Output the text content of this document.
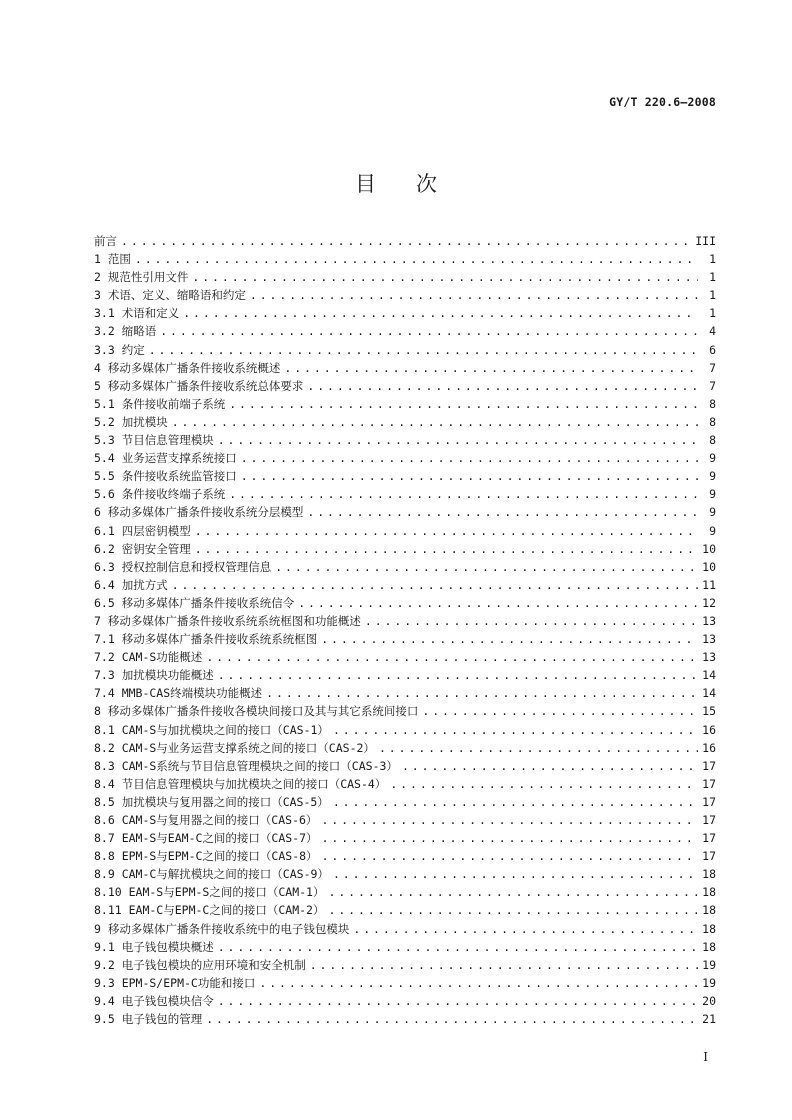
GY/T 220.6—2008
目次
前言 . . .	III
1 范围 . . .	1
2 规范性引用文件 . . .	1
3 术语、定义、缩略语和约定 . . .	1
3.1 术语和定义 . . .	1
3.2 缩略语 . . .	4
3.3 约定 . . .	6
4 移动多媒体广播条件接收系统概述 . . .	7
5 移动多媒体广播条件接收系统总体要求 . . .	7
5.1 条件接收前端子系统 . . .	8
5.2 加扰模块 . . .	8
5.3 节目信息管理模块 . . .	8
5.4 业务运营支撑系统接口 . . .	9
5.5 条件接收系统监管接口 . . .	9
5.6 条件接收终端子系统 . . .	9
6 移动多媒体广播条件接收系统分层模型 . . .	9
6.1 四层密钥模型 . . .	9
6.2 密钥安全管理 . . .	10
6.3 授权控制信息和授权管理信息 . . .	10
6.4 加扰方式 . . .	11
6.5 移动多媒体广播条件接收系统信令 . . .	12
7 移动多媒体广播条件接收系统系统框图和功能概述 . . .	13
7.1 移动多媒体广播条件接收系统系统框图 . . .	13
7.2 CAM-S功能概述 . . .	13
7.3 加扰模块功能概述 . . .	14
7.4 MMB-CAS终端模块功能概述 . . .	14
8 移动多媒体广播条件接收各模块间接口及其与其它系统间接口 . . .	15
8.1 CAM-S与加扰模块之间的接口（CAS-1） . . .	16
8.2 CAM-S与业务运营支撑系统之间的接口（CAS-2） . . .	16
8.3 CAM-S系统与节目信息管理模块之间的接口（CAS-3） . . .	17
8.4 节目信息管理模块与加扰模块之间的接口（CAS-4） . . .	17
8.5 加扰模块与复用器之间的接口（CAS-5） . . .	17
8.6 CAM-S与复用器之间的接口（CAS-6） . . .	17
8.7 EAM-S与EAM-C之间的接口（CAS-7） . . .	17
8.8 EPM-S与EPM-C之间的接口（CAS-8） . . .	17
8.9 CAM-C与解扰模块之间的接口（CAS-9） . . .	18
8.10 EAM-S与EPM-S之间的接口（CAM-1） . . .	18
8.11 EAM-C与EPM-C之间的接口（CAM-2） . . .	18
9 移动多媒体广播条件接收系统中的电子钱包模块 . . .	18
9.1 电子钱包模块概述 . . .	18
9.2 电子钱包模块的应用环境和安全机制 . . .	19
9.3 EPM-S/EPM-C功能和接口 . . .	19
9.4 电子钱包模块信令 . . .	20
9.5 电子钱包的管理 . . .	21
I
